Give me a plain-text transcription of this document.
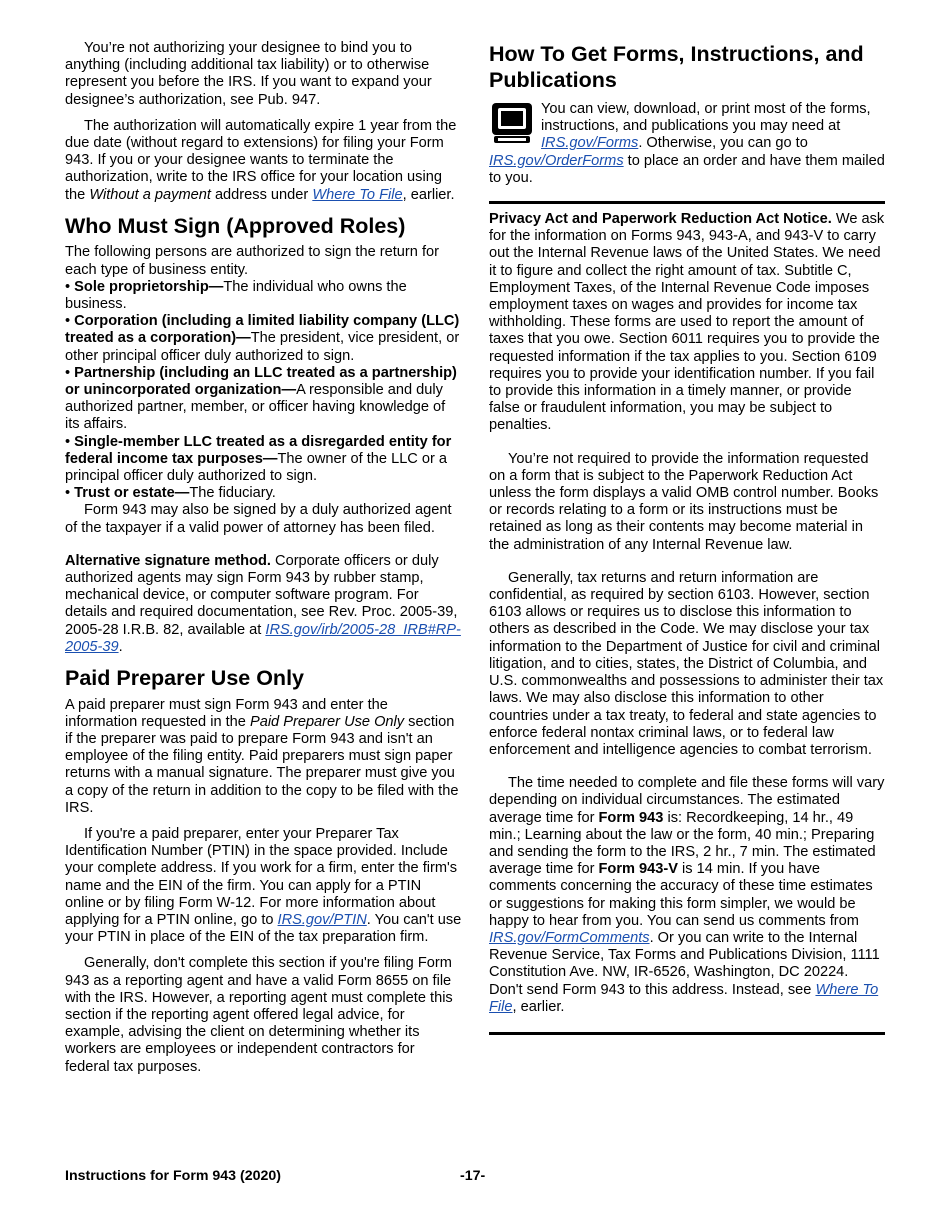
You’re not authorizing your designee to bind you to anything (including additional tax liability) or to otherwise represent you before the IRS. If you want to expand your designee’s authorization, see Pub. 947.

The authorization will automatically expire 1 year from the due date (without regard to extensions) for filing your Form 943. If you or your designee wants to terminate the authorization, write to the IRS office for your location using the Without a payment address under Where To File, earlier.

Who Must Sign (Approved Roles)

The following persons are authorized to sign the return for each type of business entity.

• Sole proprietorship—The individual who owns the business.

• Corporation (including a limited liability company (LLC) treated as a corporation)—The president, vice president, or other principal officer duly authorized to sign.

• Partnership (including an LLC treated as a partnership) or unincorporated organization—A responsible and duly authorized partner, member, or officer having knowledge of its affairs.

• Single-member LLC treated as a disregarded entity for federal income tax purposes—The owner of the LLC or a principal officer duly authorized to sign.

• Trust or estate—The fiduciary.

Form 943 may also be signed by a duly authorized agent of the taxpayer if a valid power of attorney has been filed.

Alternative signature method. Corporate officers or duly authorized agents may sign Form 943 by rubber stamp, mechanical device, or computer software program. For details and required documentation, see Rev. Proc. 2005-39, 2005-28 I.R.B. 82, available at IRS.gov/irb/2005-28_IRB#RP-2005-39.

Paid Preparer Use Only

A paid preparer must sign Form 943 and enter the information requested in the Paid Preparer Use Only section if the preparer was paid to prepare Form 943 and isn't an employee of the filing entity. Paid preparers must sign paper returns with a manual signature. The preparer must give you a copy of the return in addition to the copy to be filed with the IRS.

If you're a paid preparer, enter your Preparer Tax Identification Number (PTIN) in the space provided. Include your complete address. If you work for a firm, enter the firm's name and the EIN of the firm. You can apply for a PTIN online or by filing Form W-12. For more information about applying for a PTIN online, go to IRS.gov/PTIN. You can't use your PTIN in place of the EIN of the tax preparation firm.

Generally, don't complete this section if you're filing Form 943 as a reporting agent and have a valid Form 8655 on file with the IRS. However, a reporting agent must complete this section if the reporting agent offered legal advice, for example, advising the client on determining whether its workers are employees or independent contractors for federal tax purposes.

How To Get Forms, Instructions, and Publications
You can view, download, or print most of the forms, instructions, and publications you may need at IRS.gov/Forms. Otherwise, you can go to IRS.gov/OrderForms to place an order and have them mailed to you.

Privacy Act and Paperwork Reduction Act Notice. We ask for the information on Forms 943, 943-A, and 943-V to carry out the Internal Revenue laws of the United States. We need it to figure and collect the right amount of tax. Subtitle C, Employment Taxes, of the Internal Revenue Code imposes employment taxes on wages and provides for income tax withholding. These forms are used to report the amount of taxes that you owe. Section 6011 requires you to provide the requested information if the tax applies to you. Section 6109 requires you to provide your identification number. If you fail to provide this information in a timely manner, or provide false or fraudulent information, you may be subject to penalties.

You’re not required to provide the information requested on a form that is subject to the Paperwork Reduction Act unless the form displays a valid OMB control number. Books or records relating to a form or its instructions must be retained as long as their contents may become material in the administration of any Internal Revenue law.

Generally, tax returns and return information are confidential, as required by section 6103. However, section 6103 allows or requires us to disclose this information to others as described in the Code. We may disclose your tax information to the Department of Justice for civil and criminal litigation, and to cities, states, the District of Columbia, and U.S. commonwealths and possessions to administer their tax laws. We may also disclose this information to other countries under a tax treaty, to federal and state agencies to enforce federal nontax criminal laws, or to federal law enforcement and intelligence agencies to combat terrorism.

The time needed to complete and file these forms will vary depending on individual circumstances. The estimated average time for Form 943 is: Recordkeeping, 14 hr., 49 min.; Learning about the law or the form, 40 min.; Preparing and sending the form to the IRS, 2 hr., 7 min. The estimated average time for Form 943-V is 14 min. If you have comments concerning the accuracy of these time estimates or suggestions for making this form simpler, we would be happy to hear from you. You can send us comments from IRS.gov/FormComments. Or you can write to the Internal Revenue Service, Tax Forms and Publications Division, 1111 Constitution Ave. NW, IR-6526, Washington, DC 20224. Don't send Form 943 to this address. Instead, see Where To File, earlier.

Instructions for Form 943 (2020)	-17-
